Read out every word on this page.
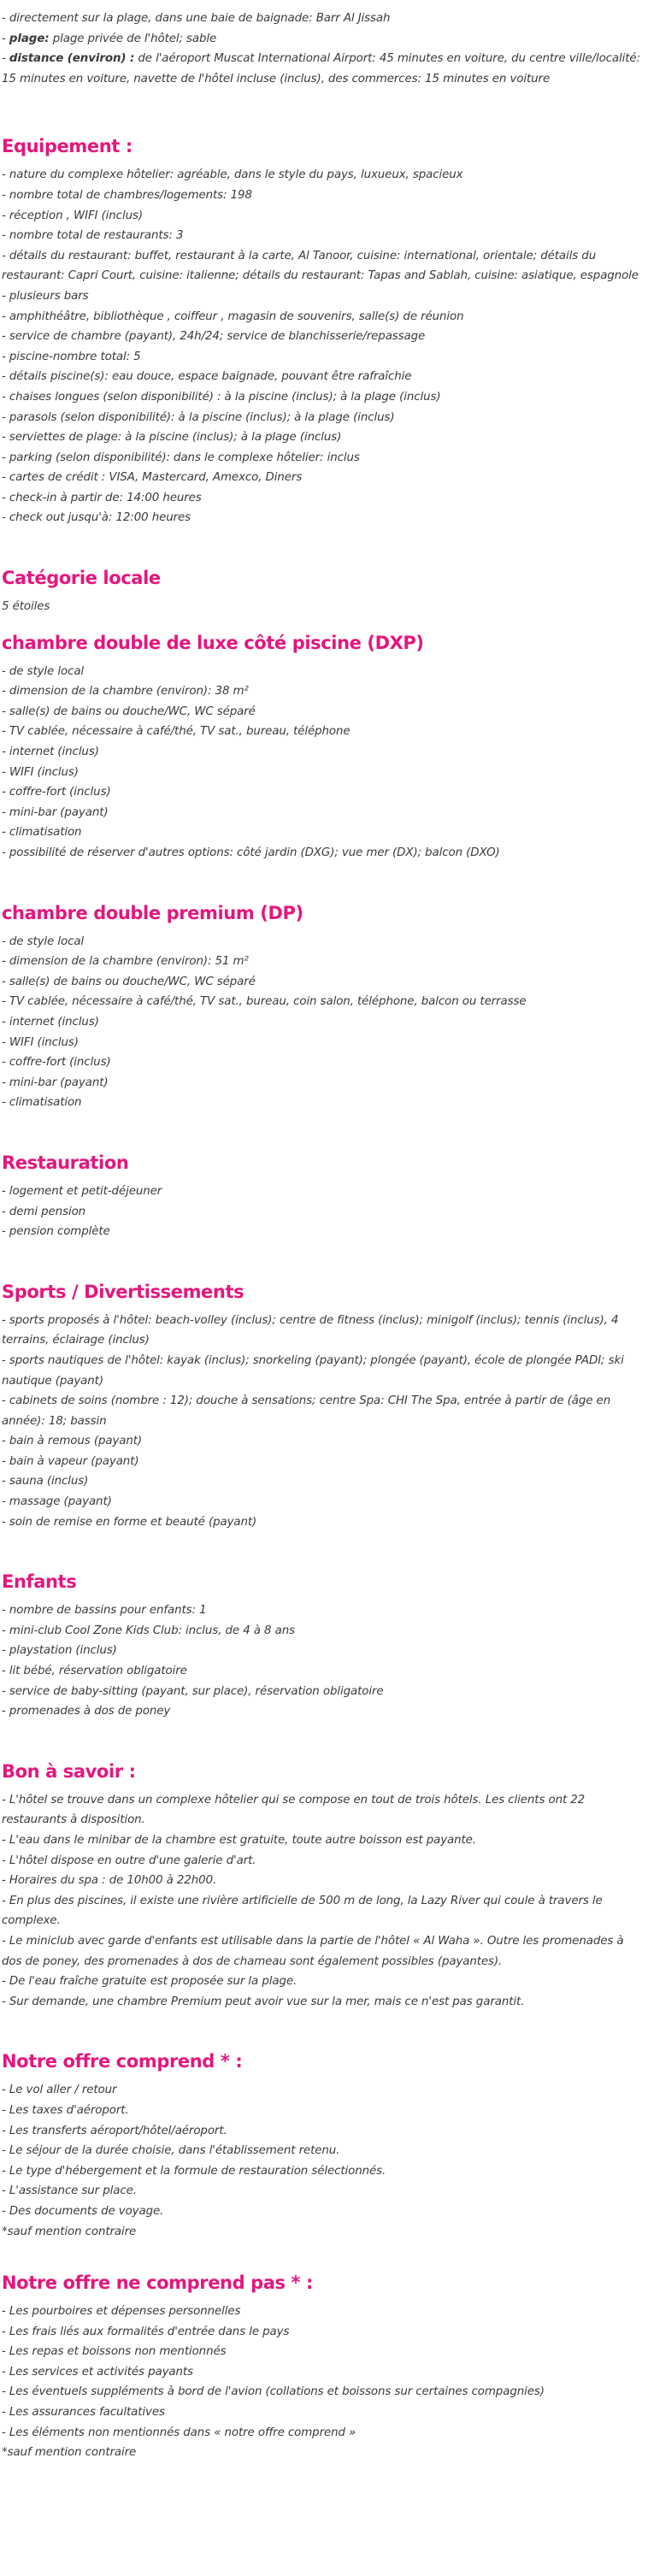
- directement sur la plage, dans une baie de baignade: Barr Al Jissah

- plage: plage privée de l'hôtel; sable

- distance (environ) : de l'aéroport Muscat International Airport: 45 minutes en voiture, du centre ville/localité: 15 minutes en voiture, navette de l'hôtel incluse (inclus), des commerces: 15 minutes en voiture

Equipement :

- nature du complexe hôtelier: agréable, dans le style du pays, luxueux, spacieux

- nombre total de chambres/logements: 198

- réception , WIFI (inclus)

- nombre total de restaurants: 3

- détails du restaurant: buffet, restaurant à la carte, Al Tanoor, cuisine: international, orientale; détails du restaurant: Capri Court, cuisine: italienne; détails du restaurant: Tapas and Sablah, cuisine: asiatique, espagnole

- plusieurs bars

- amphithéâtre, bibliothèque , coiffeur , magasin de souvenirs, salle(s) de réunion

- service de chambre (payant), 24h/24; service de blanchisserie/repassage

- piscine-nombre total: 5

- détails piscine(s): eau douce, espace baignade, pouvant être rafraîchie

- chaises longues (selon disponibilité) : à la piscine (inclus); à la plage (inclus)

- parasols (selon disponibilité): à la piscine (inclus); à la plage (inclus)

- serviettes de plage: à la piscine (inclus); à la plage (inclus)

- parking (selon disponibilité): dans le complexe hôtelier: inclus

- cartes de crédit : VISA, Mastercard, Amexco, Diners

- check-in à partir de: 14:00 heures

- check out jusqu'à: 12:00 heures

Catégorie locale

5 étoiles

chambre double de luxe côté piscine (DXP)

- de style local

- dimension de la chambre (environ): 38 m²

- salle(s) de bains ou douche/WC, WC séparé

- TV cablée, nécessaire à café/thé, TV sat., bureau, téléphone

- internet (inclus)

- WIFI (inclus)

- coffre-fort (inclus)

- mini-bar (payant)

- climatisation

- possibilité de réserver d'autres options: côté jardin (DXG); vue mer (DX); balcon (DXO)

chambre double premium (DP)

- de style local

- dimension de la chambre (environ): 51 m²

- salle(s) de bains ou douche/WC, WC séparé

- TV cablée, nécessaire à café/thé, TV sat., bureau, coin salon, téléphone, balcon ou terrasse

- internet (inclus)

- WIFI (inclus)

- coffre-fort (inclus)

- mini-bar (payant)

- climatisation

Restauration

- logement et petit-déjeuner

- demi pension

- pension complète

Sports / Divertissements

- sports proposés à l'hôtel: beach-volley (inclus); centre de fitness (inclus); minigolf (inclus); tennis (inclus), 4 terrains, éclairage (inclus)

- sports nautiques de l'hôtel: kayak (inclus); snorkeling (payant); plongée (payant), école de plongée PADI; ski nautique (payant)

- cabinets de soins (nombre : 12); douche à sensations; centre Spa: CHI The Spa, entrée à partir de (âge en année): 18; bassin

- bain à remous (payant)

- bain à vapeur (payant)

- sauna (inclus)

- massage (payant)

- soin de remise en forme et beauté (payant)

Enfants

- nombre de bassins pour enfants: 1

- mini-club Cool Zone Kids Club: inclus, de 4 à 8 ans

- playstation (inclus)

- lit bébé, réservation obligatoire

- service de baby-sitting (payant, sur place), réservation obligatoire

- promenades à dos de poney

Bon à savoir :

- L'hôtel se trouve dans un complexe hôtelier qui se compose en tout de trois hôtels. Les clients ont 22 restaurants à disposition.

- L'eau dans le minibar de la chambre est gratuite, toute autre boisson est payante.

- L'hôtel dispose en outre d'une galerie d'art.

- Horaires du spa : de 10h00 à 22h00.

- En plus des piscines, il existe une rivière artificielle de 500 m de long, la Lazy River qui coule à travers le complexe.

- Le miniclub avec garde d'enfants est utilisable dans la partie de l'hôtel « Al Waha ». Outre les promenades à dos de poney, des promenades à dos de chameau sont également possibles (payantes).

- De l'eau fraîche gratuite est proposée sur la plage.

- Sur demande, une chambre Premium peut avoir vue sur la mer, mais ce n'est pas garantit.

Notre offre comprend * :

- Le vol aller / retour

- Les taxes d'aéroport.

- Les transferts aéroport/hôtel/aéroport.

- Le séjour de la durée choisie, dans l'établissement retenu.

- Le type d'hébergement et la formule de restauration sélectionnés.

- L'assistance sur place.

- Des documents de voyage.

*sauf mention contraire

Notre offre ne comprend pas * :

- Les pourboires et dépenses personnelles

- Les frais liés aux formalités d'entrée dans le pays

- Les repas et boissons non mentionnés

- Les services et activités payants

- Les éventuels suppléments à bord de l'avion (collations et boissons sur certaines compagnies)

- Les assurances facultatives

- Les éléments non mentionnés dans « notre offre comprend »

*sauf mention contraire
